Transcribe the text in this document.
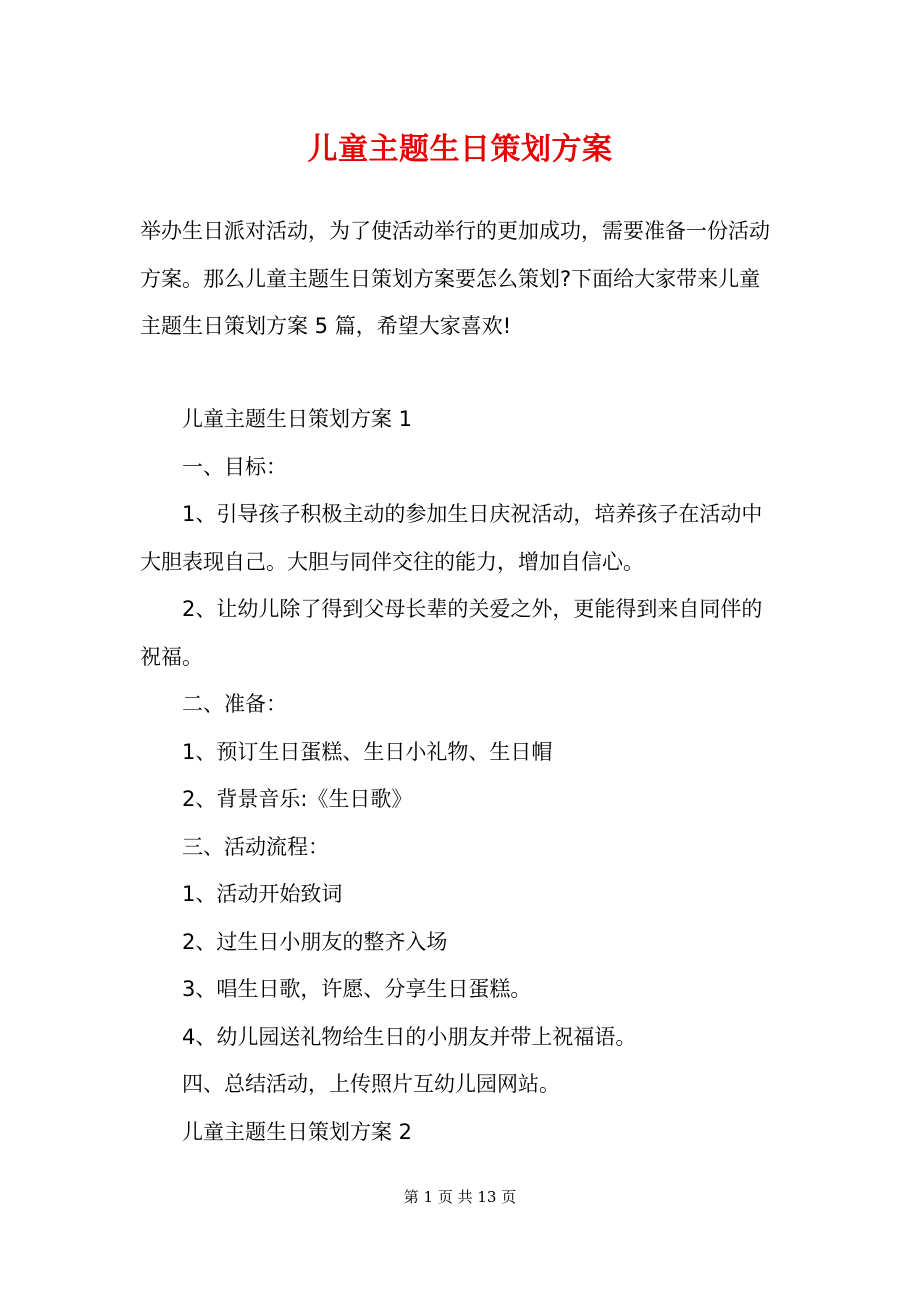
儿童主题生日策划方案
举办生日派对活动，为了使活动举行的更加成功，需要准备一份活动
方案。那么儿童主题生日策划方案要怎么策划?下面给大家带来儿童
主题生日策划方案 5 篇，希望大家喜欢!

儿童主题生日策划方案 1

一、目标：

1、引导孩子积极主动的参加生日庆祝活动，培养孩子在活动中
大胆表现自己。大胆与同伴交往的能力，增加自信心。

2、让幼儿除了得到父母长辈的关爱之外，更能得到来自同伴的
祝福。

二、准备：

1、预订生日蛋糕、生日小礼物、生日帽

2、背景音乐:《生日歌》

三、活动流程：

1、活动开始致词

2、过生日小朋友的整齐入场

3、唱生日歌，许愿、分享生日蛋糕。

4、幼儿园送礼物给生日的小朋友并带上祝福语。

四、总结活动，上传照片互幼儿园网站。

儿童主题生日策划方案 2

第 1 页 共 13 页
